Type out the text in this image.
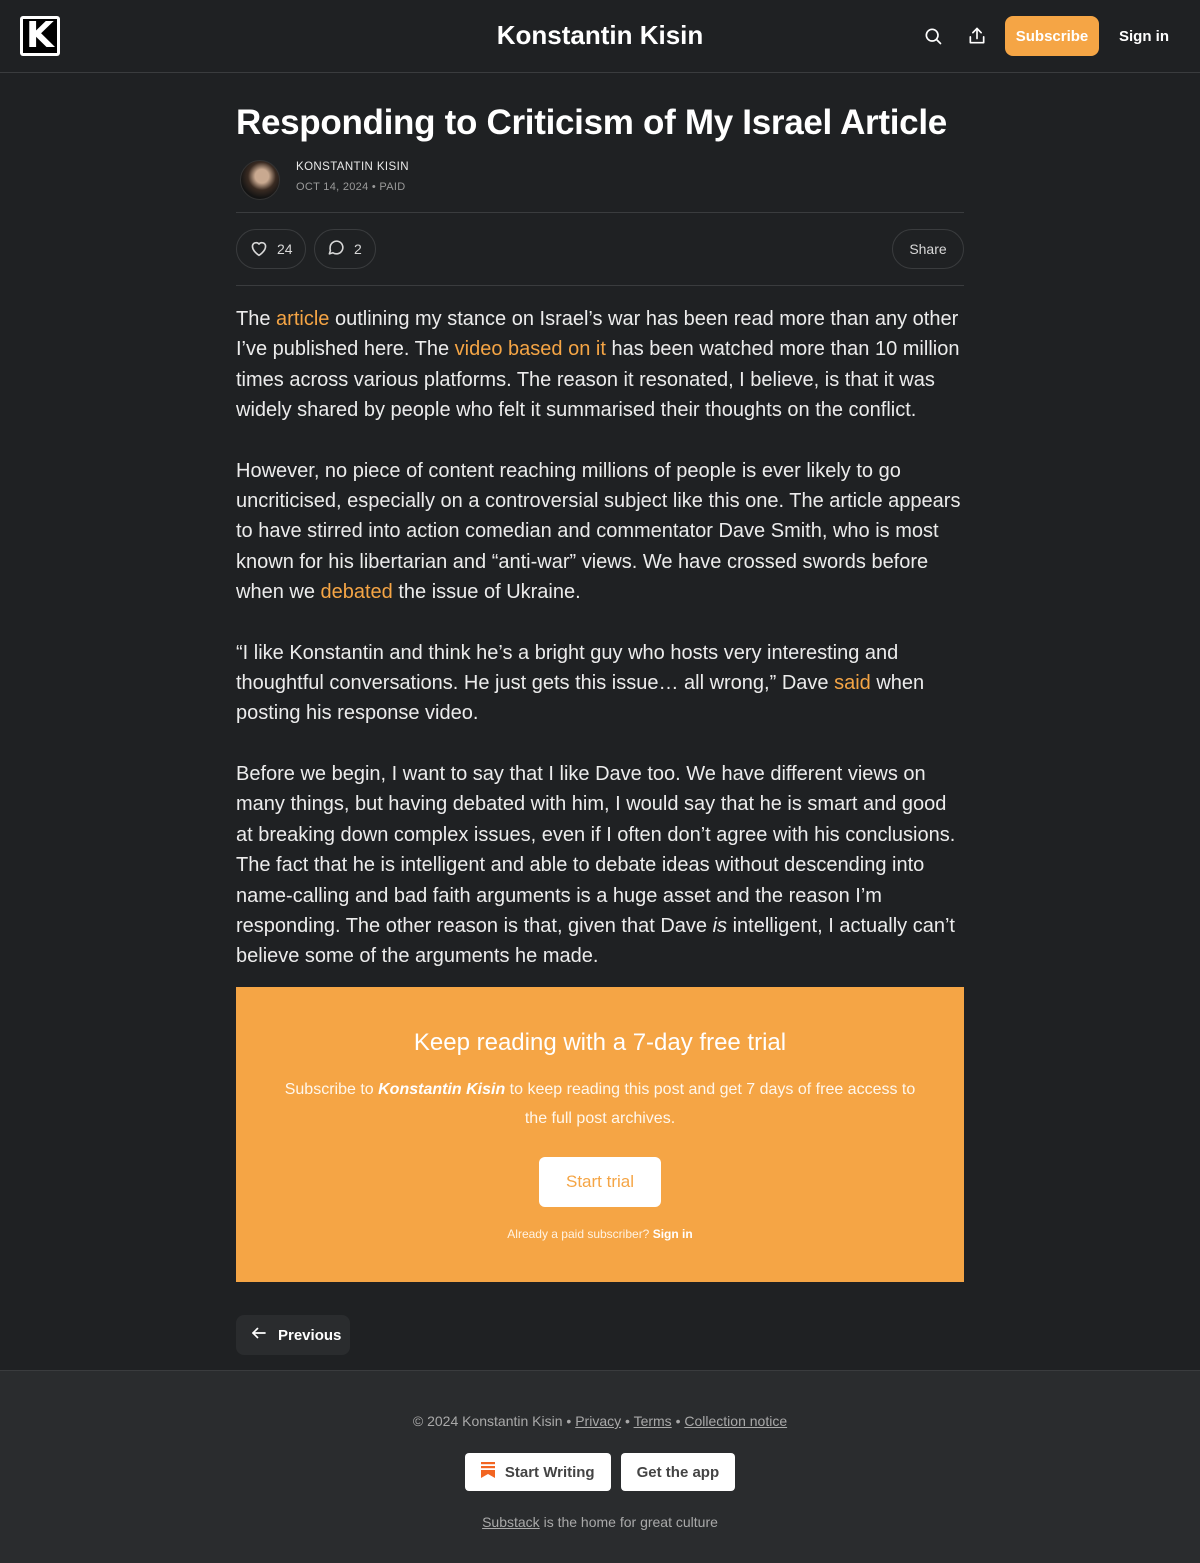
K	Konstantin Kisin	Subscribe	Sign in
Responding to Criticism of My Israel Article
KONSTANTIN KISIN
OCT 14, 2024 • PAID
24	2	Share

The article outlining my stance on Israel’s war has been read more than any other I’ve published here. The video based on it has been watched more than 10 million times across various platforms. The reason it resonated, I believe, is that it was widely shared by people who felt it summarised their thoughts on the conflict.

However, no piece of content reaching millions of people is ever likely to go uncriticised, especially on a controversial subject like this one. The article appears to have stirred into action comedian and commentator Dave Smith, who is most known for his libertarian and “anti-war” views. We have crossed swords before when we debated the issue of Ukraine.

“I like Konstantin and think he’s a bright guy who hosts very interesting and thoughtful conversations. He just gets this issue… all wrong,” Dave said when posting his response video.

Before we begin, I want to say that I like Dave too. We have different views on many things, but having debated with him, I would say that he is smart and good at breaking down complex issues, even if I often don’t agree with his conclusions. The fact that he is intelligent and able to debate ideas without descending into name-calling and bad faith arguments is a huge asset and the reason I’m responding. The other reason is that, given that Dave is intelligent, I actually can’t believe some of the arguments he made.

Keep reading with a 7-day free trial

Subscribe to Konstantin Kisin to keep reading this post and get 7 days of free access to the full post archives.

Start trial

Already a paid subscriber? Sign in

Previous
© 2024 Konstantin Kisin • Privacy • Terms • Collection notice
Start Writing	Get the app
Substack is the home for great culture
